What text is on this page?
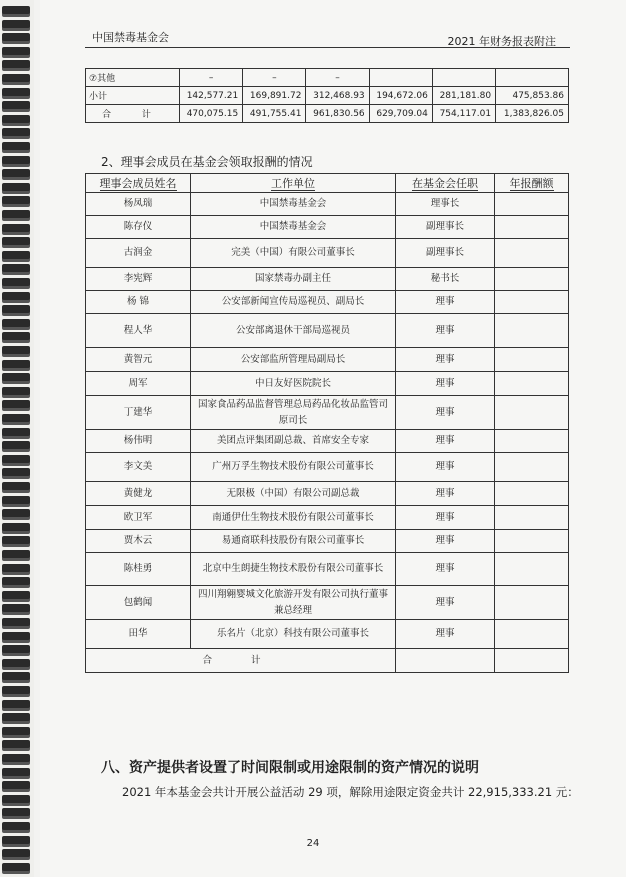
中国禁毒基金会	2021 年财务报表附注
⑦其他	–	–	–			
小计	142,577.21	169,891.72	312,468.93	194,672.06	281,181.80	475,853.86
合 计	470,075.15	491,755.41	961,830.56	629,709.04	754,117.01	1,383,826.05
2、理事会成员在基金会领取报酬的情况
理事会成员姓名	工作单位	在基金会任职	年报酬额
杨凤瑞	中国禁毒基金会	理事长	
陈存仪	中国禁毒基金会	副理事长	
古润金	完美（中国）有限公司董事长	副理事长	
李宪辉	国家禁毒办副主任	秘书长	
杨 锦	公安部新闻宣传局巡视员、副局长	理事	
程人华	公安部离退休干部局巡视员	理事	
黄智元	公安部监所管理局副局长	理事	
周军	中日友好医院院长	理事	
丁建华	国家食品药品监督管理总局药品化妆品监管司原司长	理事	
杨伟明	美团点评集团副总裁、首席安全专家	理事	
李文美	广州万孚生物技术股份有限公司董事长	理事	
黄健龙	无限极（中国）有限公司副总裁	理事	
欧卫军	南通伊仕生物技术股份有限公司董事长	理事	
贾木云	易通商联科技股份有限公司董事长	理事	
陈桂勇	北京中生朗捷生物技术股份有限公司董事长	理事	
包鹤闻	四川翔翱婴城文化旅游开发有限公司执行董事兼总经理	理事	
田华	乐名片（北京）科技有限公司董事长	理事	
合 计			
八、资产提供者设置了时间限制或用途限制的资产情况的说明
2021 年本基金会共计开展公益活动 29 项，解除用途限定资金共计 22,915,333.21 元：
24
